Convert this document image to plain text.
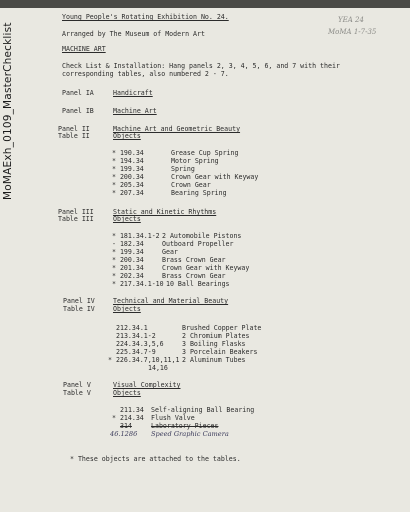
MoMAExh_0109_MasterChecklist
YEA 24
MoMA 1-7-35
Young People's Rotating Exhibition No. 24.
Arranged by The Museum of Modern Art
MACHINE ART
Check List & Installation: Hang panels 2, 3, 4, 5, 6, and 7 with their
corresponding tables, also numbered 2 - 7.
Panel IA	Handicraft
Panel IB	Machine Art
Panel II	Machine Art and Geometric Beauty
Table II	Objects
* 190.34	Grease Cup Spring
* 194.34	Motor Spring
* 199.34	Spring
* 200.34	Crown Gear with Keyway
* 205.34	Crown Gear
* 207.34	Bearing Spring
Panel III	Static and Kinetic Rhythms
Table III	Objects
* 181.34.1-2 2 Automobile Pistons
- 182.34	Outboard Propeller
* 199.34	Gear
* 200.34	Brass Crown Gear
* 201.34	Crown Gear with Keyway
* 202.34	Brass Crown Gear
* 217.34.1-10 10 Ball Bearings
Panel IV	Technical and Material Beauty
Table IV	Objects
212.34.1	Brushed Copper Plate
213.34.1-2	2 Chromium Plates
224.34.3,5,6	3 Boiling Flasks
225.34.7-9	3 Porcelain Beakers
* 226.34.7,10,11,1 2 Aluminum Tubes
14,16
Panel V	Visual Complexity
Table V	Objects
211.34 Self-aligning Ball Bearing
* 214.34 Flush Valve
314	Laboratory Pieces
46.1286 Speed Graphic Camera
* These objects are attached to the tables.
